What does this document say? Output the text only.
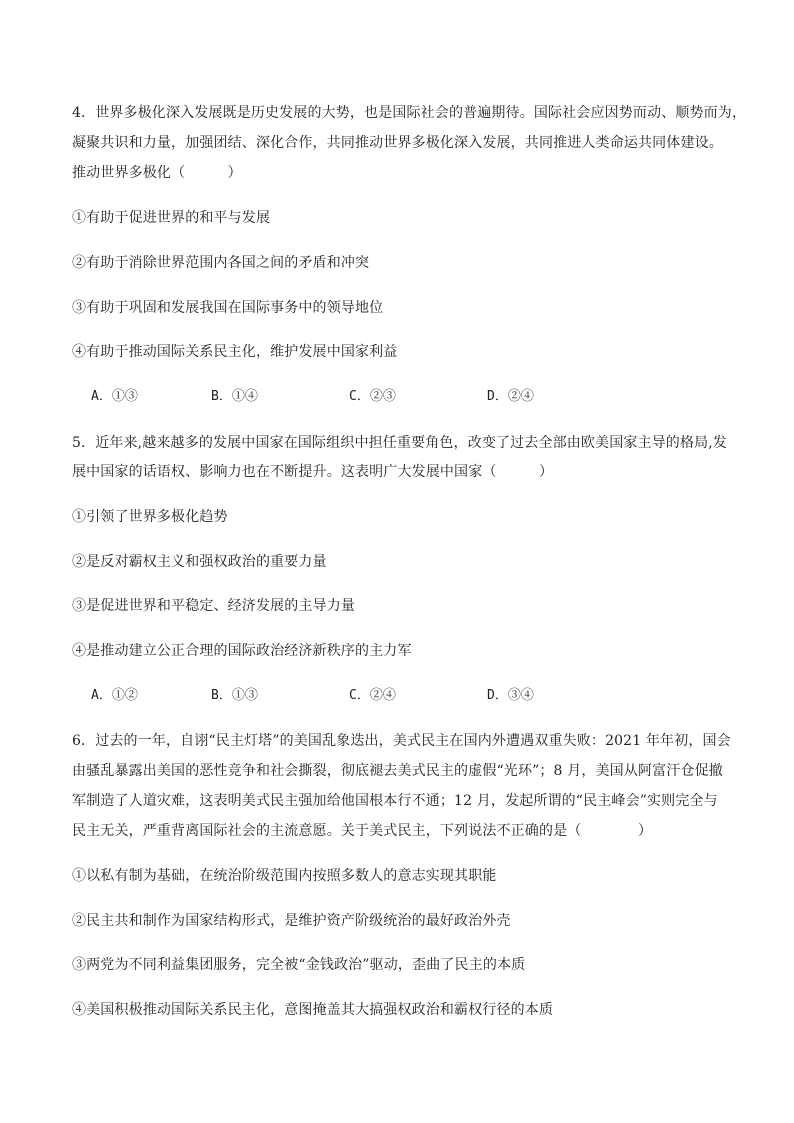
4．世界多极化深入发展既是历史发展的大势，也是国际社会的普遍期待。国际社会应因势而动、顺势而为，
凝聚共识和力量，加强团结、深化合作，共同推动世界多极化深入发展，共同推进人类命运共同体建设。
推动世界多极化（　　　）
①有助于促进世界的和平与发展
②有助于消除世界范围内各国之间的矛盾和冲突
③有助于巩固和发展我国在国际事务中的领导地位
④有助于推动国际关系民主化，维护发展中国家利益
A．①③	B．①④	C．②③	D．②④
5．近年来,越来越多的发展中国家在国际组织中担任重要角色，改变了过去全部由欧美国家主导的格局,发
展中国家的话语权、影响力也在不断提升。这表明广大发展中国家（　　　）
①引领了世界多极化趋势
②是反对霸权主义和强权政治的重要力量
③是促进世界和平稳定、经济发展的主导力量
④是推动建立公正合理的国际政治经济新秩序的主力军
A．①②	B．①③	C．②④	D．③④
6．过去的一年，自诩“民主灯塔”的美国乱象迭出，美式民主在国内外遭遇双重失败：2021 年年初，国会
由骚乱暴露出美国的恶性竞争和社会撕裂，彻底褪去美式民主的虚假“光环”；8 月，美国从阿富汗仓促撤
军制造了人道灾难，这表明美式民主强加给他国根本行不通；12 月，发起所谓的“民主峰会”实则完全与
民主无关，严重背离国际社会的主流意愿。关于美式民主，下列说法不正确的是（　　　　）
①以私有制为基础，在统治阶级范围内按照多数人的意志实现其职能
②民主共和制作为国家结构形式，是维护资产阶级统治的最好政治外壳
③两党为不同利益集团服务，完全被“金钱政治”驱动，歪曲了民主的本质
④美国积极推动国际关系民主化，意图掩盖其大搞强权政治和霸权行径的本质
